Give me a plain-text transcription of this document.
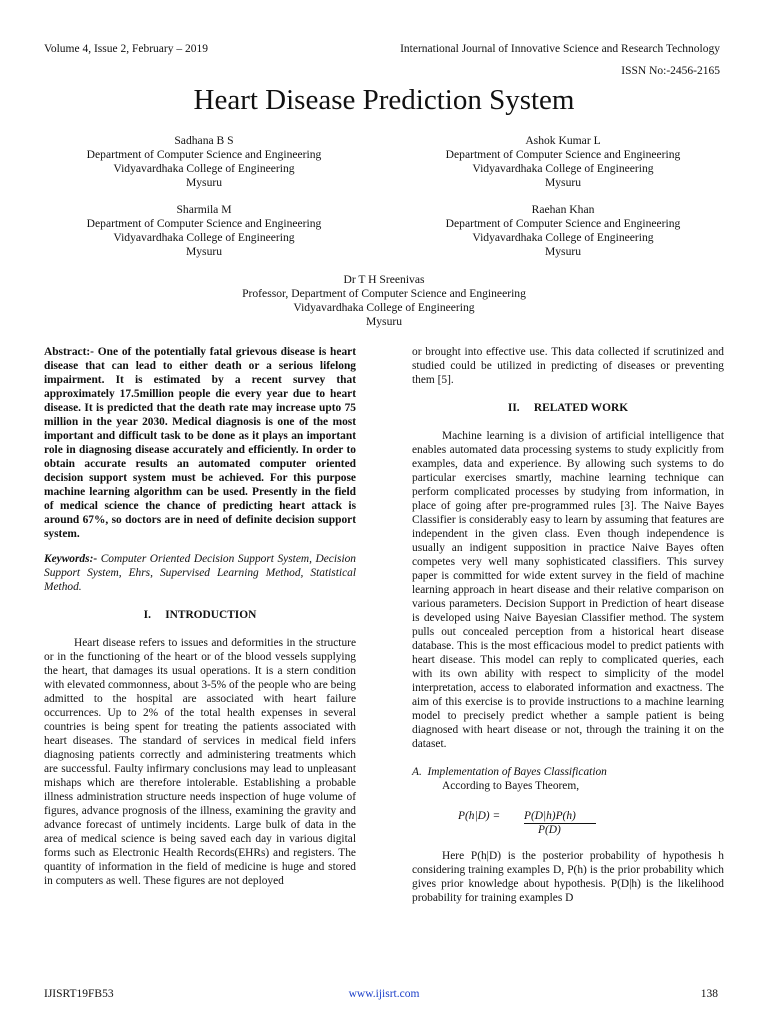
Volume 4, Issue 2, February – 2019	International Journal of Innovative Science and Research Technology
ISSN No:-2456-2165
Heart Disease Prediction System
Sadhana B S
Department of Computer Science and Engineering
Vidyavardhaka College of Engineering
Mysuru
Ashok Kumar L
Department of Computer Science and Engineering
Vidyavardhaka College of Engineering
Mysuru
Sharmila M
Department of Computer Science and Engineering
Vidyavardhaka College of Engineering
Mysuru
Raehan Khan
Department of Computer Science and Engineering
Vidyavardhaka College of Engineering
Mysuru
Dr T H Sreenivas
Professor, Department of Computer Science and Engineering
Vidyavardhaka College of Engineering
Mysuru

Abstract:- One of the potentially fatal grievous disease is heart disease that can lead to either death or a serious lifelong impairment. It is estimated by a recent survey that approximately 17.5million people die every year due to heart disease. It is predicted that the death rate may increase upto 75 million in the year 2030. Medical diagnosis is one of the most important and difficult task to be done as it plays an important role in diagnosing disease accurately and efficiently. In order to obtain accurate results an automated computer oriented decision support system must be achieved. For this purpose machine learning algorithm can be used. Presently in the field of medical science the chance of predicting heart attack is around 67%, so doctors are in need of definite decision support system.

Keywords:- Computer Oriented Decision Support System, Decision Support System, Ehrs, Supervised Learning Method, Statistical Method.

I.     INTRODUCTION

Heart disease refers to issues and deformities in the structure or in the functioning of the heart or of the blood vessels supplying the heart, that damages its usual operations. It is a stern condition with elevated commonness, about 3-5% of the people who are being admitted to the hospital are associated with heart failure occurrences. Up to 2% of the total health expenses in several countries is being spent for treating the patients associated with heart diseases. The standard of services in medical field infers diagnosing patients correctly and administering treatments which are successful. Faulty infirmary conclusions may lead to unpleasant mishaps which are therefore intolerable. Establishing a probable illness administration structure needs inspection of huge volume of figures, advance prognosis of the illness, examining the gravity and advance forecast of untimely incidents. Large bulk of data in the area of medical science is being saved each day in various digital forms such as Electronic Health Records(EHRs) and registers. The quantity of information in the field of medicine is huge and stored in computers as well. These figures are not deployed

or brought into effective use. This data collected if scrutinized and studied could be utilized in predicting of diseases or preventing them [5].

II.     RELATED WORK

Machine learning is a division of artificial intelligence that enables automated data processing systems to study explicitly from examples, data and experience. By allowing such systems to do particular exercises smartly, machine learning technique can perform complicated processes by studying from information, in place of going after pre-programmed rules [3]. The Naive Bayes Classifier is considerably easy to learn by assuming that features are independent in the given class. Even though independence is usually an indigent supposition in practice Naive Bayes often competes very well many sophisticated classifiers. This survey paper is committed for wide extent survey in the field of machine learning approach in heart disease and their relative comparison on various parameters. Decision Support in Prediction of heart disease is developed using Naive Bayesian Classifier method. The system pulls out concealed perception from a historical heart disease database. This is the most efficacious model to predict patients with heart disease. This model can reply to complicated queries, each with its own ability with respect to simplicity of the model interpretation, access to elaborated information and exactness. The aim of this exercise is to provide instructions to a machine learning model to precisely predict whether a sample patient is being diagnosed with heart disease or not, through the training it on the dataset.

A.  Implementation of Bayes Classification

According to Bayes Theorem,

P(h|D) = P(D|h)P(h)
P(D)

Here P(h|D) is the posterior probability of hypothesis h considering training examples D, P(h) is the prior probability which gives prior knowledge about hypothesis. P(D|h) is the likelihood probability for training examples D

IJISRT19FB53	www.ijisrt.com	138
